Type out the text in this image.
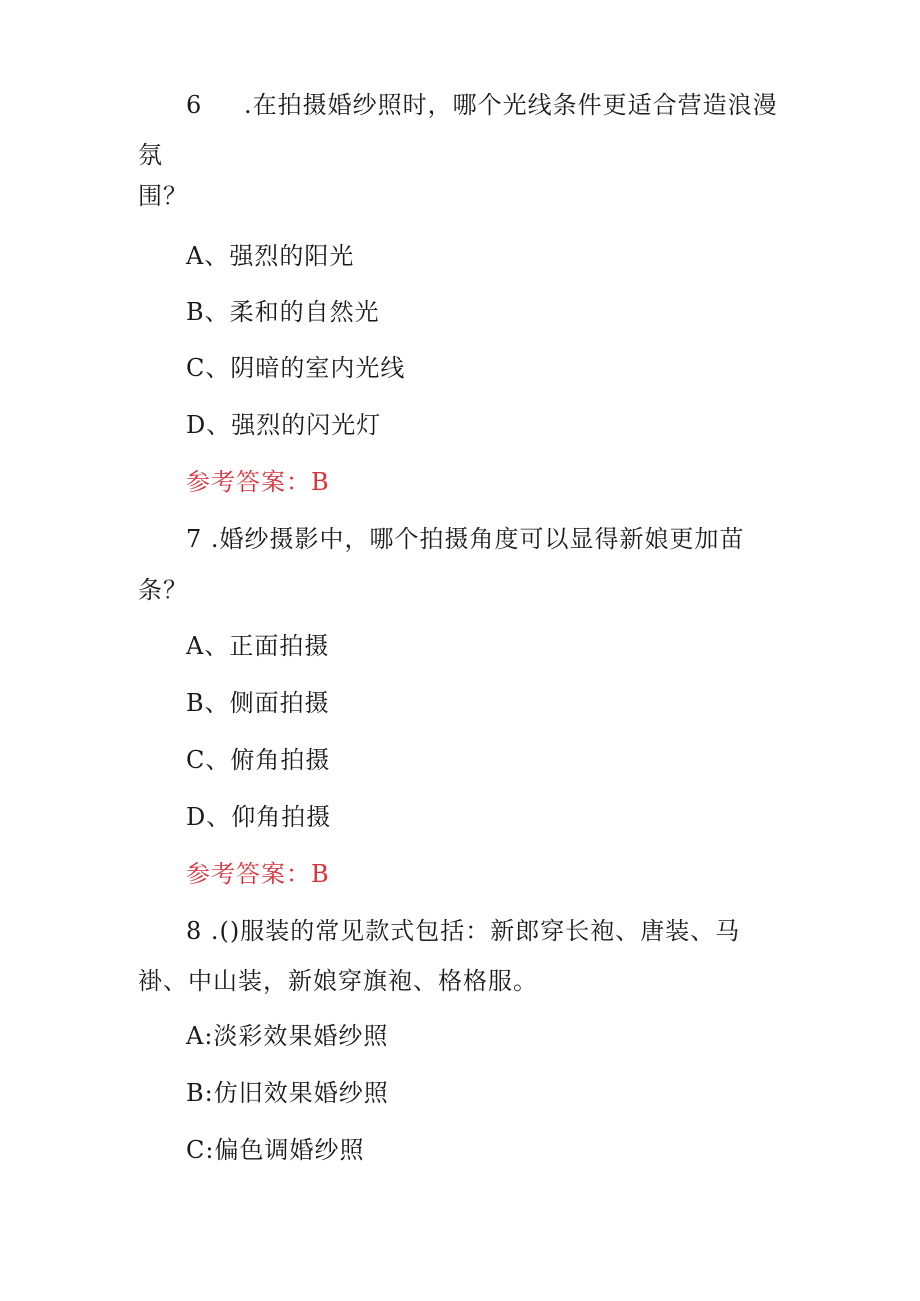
6 .在拍摄婚纱照时，哪个光线条件更适合营造浪漫
氛
围？
A、强烈的阳光
B、柔和的自然光
C、阴暗的室内光线
D、强烈的闪光灯
参考答案：B
7 .婚纱摄影中，哪个拍摄角度可以显得新娘更加苗
条？
A、正面拍摄
B、侧面拍摄
C、俯角拍摄
D、仰角拍摄
参考答案：B
8 .()服装的常见款式包括：新郎穿长袍、唐装、马
褂、中山装，新娘穿旗袍、格格服。
A:淡彩效果婚纱照
B:仿旧效果婚纱照
C:偏色调婚纱照
